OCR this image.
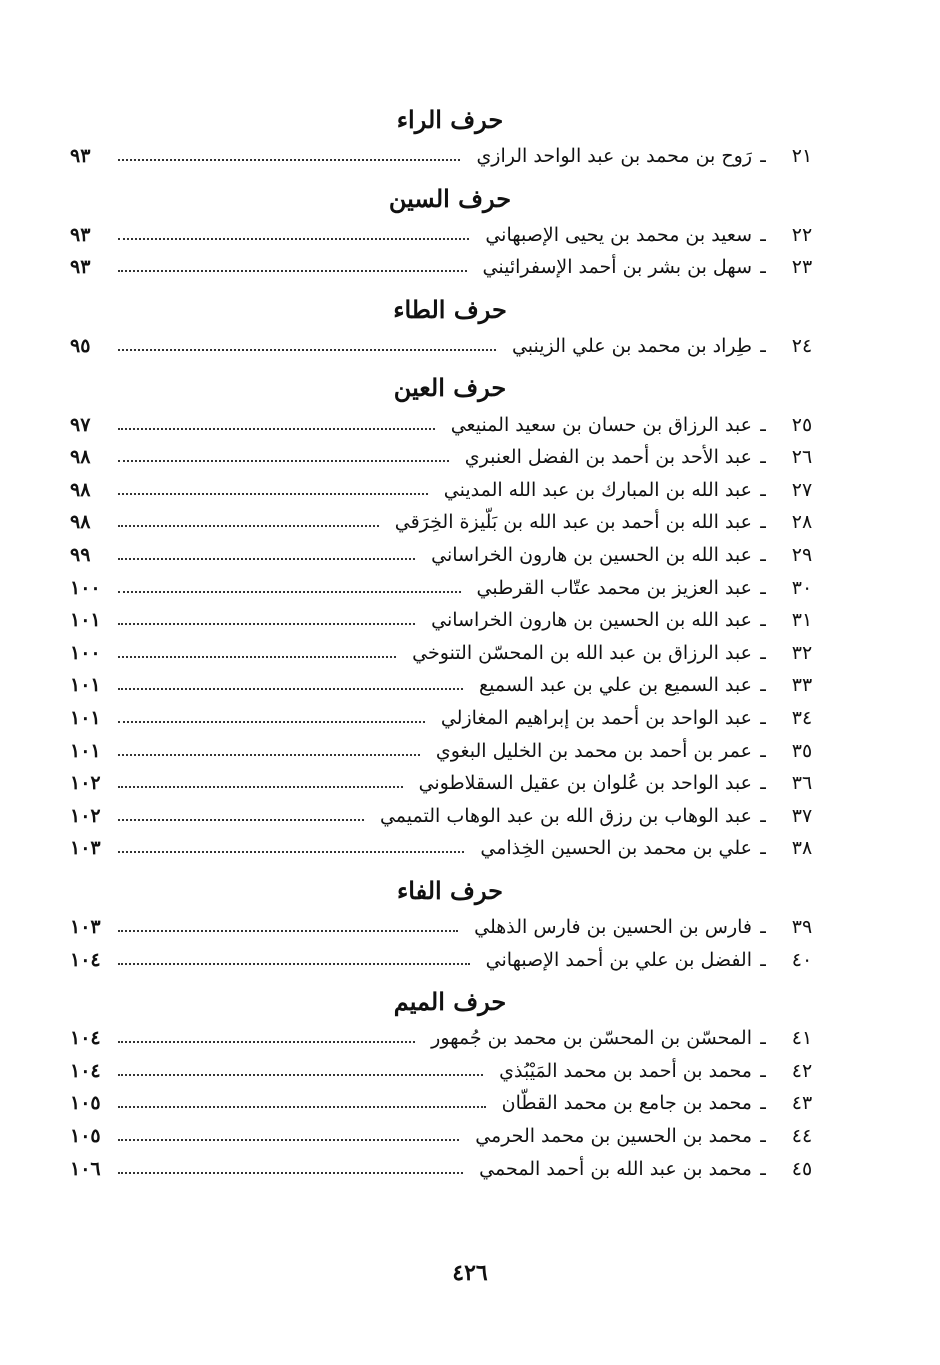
حرف الراء
٢١
ـ
رَوح بن محمد بن عبد الواحد الرازي
٩٣
حرف السين
٢٢
ـ
سعيد بن محمد بن يحيى الإصبهاني
٩٣
٢٣
ـ
سهل بن بشر بن أحمد الإسفرائيني
٩٣
حرف الطاء
٢٤
ـ
طِراد بن محمد بن علي الزينبي
٩٥
حرف العين
٢٥
ـ
عبد الرزاق بن حسان بن سعيد المنيعي
٩٧
٢٦
ـ
عبد الأحد بن أحمد بن الفضل العنبري
٩٨
٢٧
ـ
عبد الله بن المبارك بن عبد الله المديني
٩٨
٢٨
ـ
عبد الله بن أحمد بن عبد الله بن بَلّيزة الخِرَقي
٩٨
٢٩
ـ
عبد الله بن الحسين بن هارون الخراساني
٩٩
٣٠
ـ
عبد العزيز بن محمد عتّاب القرطبي
١٠٠
٣١
ـ
عبد الله بن الحسين بن هارون الخراساني
١٠١
٣٢
ـ
عبد الرزاق بن عبد الله بن المحسّن التنوخي
١٠٠
٣٣
ـ
عبد السميع بن علي بن عبد السميع
١٠١
٣٤
ـ
عبد الواحد بن أحمد بن إبراهيم المغازلي
١٠١
٣٥
ـ
عمر بن أحمد بن محمد بن الخليل البغوي
١٠١
٣٦
ـ
عبد الواحد بن عُلوان بن عقيل السقلاطوني
١٠٢
٣٧
ـ
عبد الوهاب بن رزق الله بن عبد الوهاب التميمي
١٠٢
٣٨
ـ
علي بن محمد بن الحسين الخِذامي
١٠٣
حرف الفاء
٣٩
ـ
فارس بن الحسين بن فارس الذهلي
١٠٣
٤٠
ـ
الفضل بن علي بن أحمد الإصبهاني
١٠٤
حرف الميم
٤١
ـ
المحسّن بن المحسّن بن محمد بن جُمهور
١٠٤
٤٢
ـ
محمد بن أحمد بن محمد المَيْبُذي
١٠٤
٤٣
ـ
محمد بن جامع بن محمد القطّان
١٠٥
٤٤
ـ
محمد بن الحسين بن محمد الحرمي
١٠٥
٤٥
ـ
محمد بن عبد الله بن أحمد المحمي
١٠٦
٤٢٦
